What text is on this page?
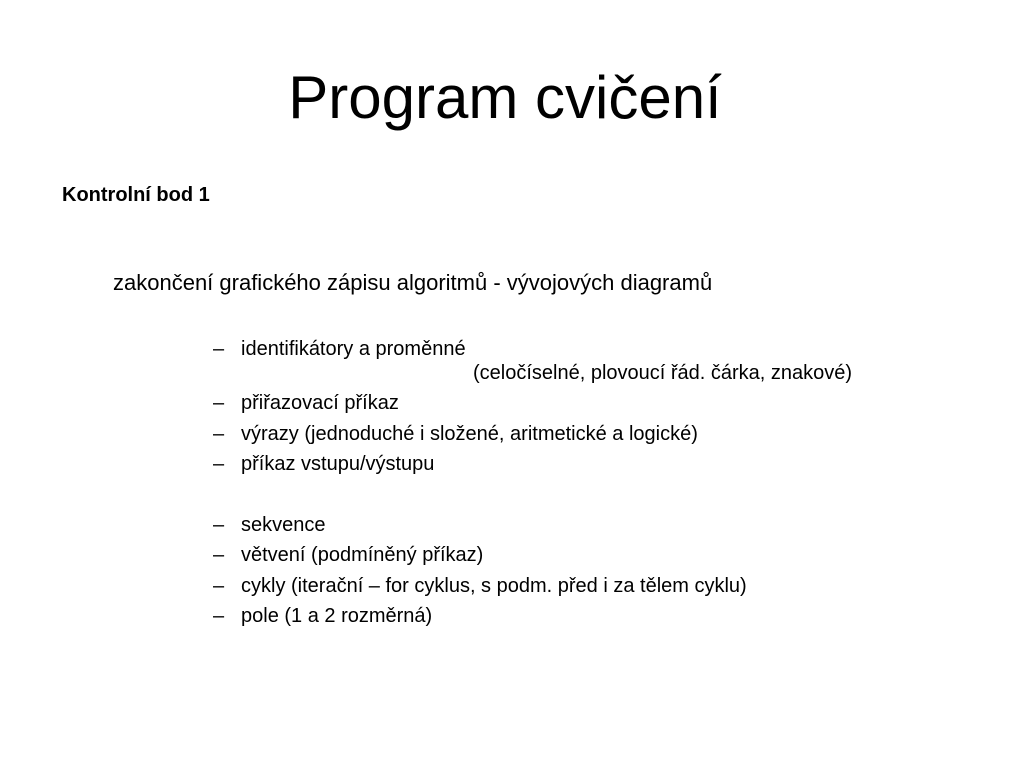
Program cvičení

Kontrolní bod 1

zakončení grafického zápisu algoritmů - vývojových diagramů

– identifikátory a proměnné
(celočíselné, plovoucí řád. čárka, znakové)
– přiřazovací příkaz
– výrazy (jednoduché i složené, aritmetické a logické)
– příkaz vstupu/výstupu
– sekvence
– větvení (podmíněný příkaz)
– cykly (iterační – for cyklus, s podm. před i za tělem cyklu)
– pole (1 a 2 rozměrná)
